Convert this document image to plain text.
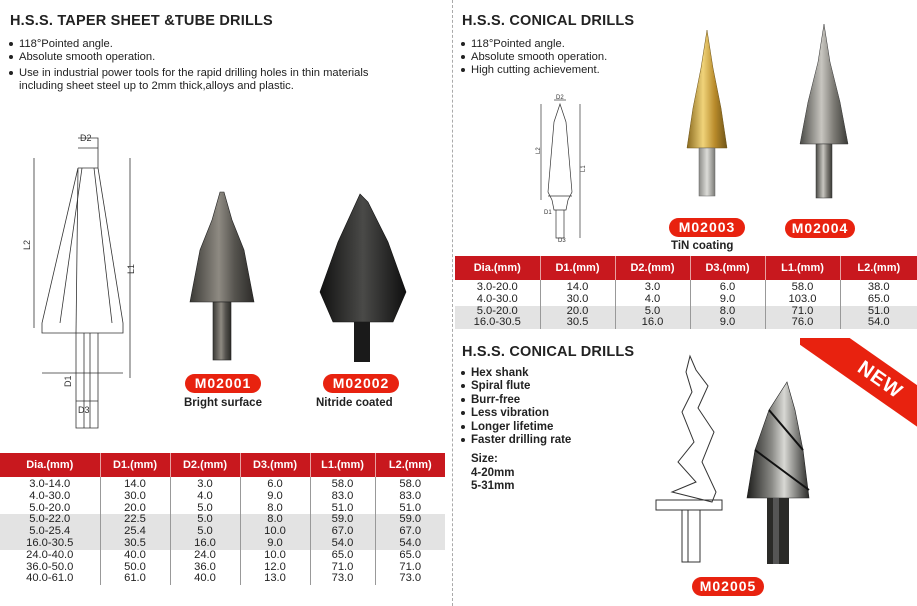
H.S.S. TAPER SHEET &TUBE DRILLS
118°Pointed angle.
Absolute smooth operation.
Use in industrial power tools for the rapid drilling holes in thin materials including sheet steel up to 2mm thick,alloys and plastic.
D2
L2
L1
D1
D3
M02001	M02002
Bright surface	Nitride coated
Dia.(mm)	D1.(mm)	D2.(mm)	D3.(mm)	L1.(mm)	L2.(mm)
3.0-14.0	14.0	3.0	6.0	58.0	58.0
4.0-30.0	30.0	4.0	9.0	83.0	83.0
5.0-20.0	20.0	5.0	8.0	51.0	51.0
5.0-22.0	22.5	5.0	8.0	59.0	59.0
5.0-25.4	25.4	5.0	10.0	67.0	67.0
16.0-30.5	30.5	16.0	9.0	54.0	54.0
24.0-40.0	40.0	24.0	10.0	65.0	65.0
36.0-50.0	50.0	36.0	12.0	71.0	71.0
40.0-61.0	61.0	40.0	13.0	73.0	73.0
H.S.S. CONICAL DRILLS
118°Pointed angle.
Absolute smooth operation.
High cutting achievement.
D2
L2
L1
D1
D3
M02003	M02004
TiN coating
Dia.(mm)	D1.(mm)	D2.(mm)	D3.(mm)	L1.(mm)	L2.(mm)
3.0-20.0	14.0	3.0	6.0	58.0	38.0
4.0-30.0	30.0	4.0	9.0	103.0	65.0
5.0-20.0	20.0	5.0	8.0	71.0	51.0
16.0-30.5	30.5	16.0	9.0	76.0	54.0
H.S.S. CONICAL DRILLS
Hex shank
Spiral flute
Burr-free
Less vibration
Longer lifetime
Faster drilling rate
Size:
4-20mm
5-31mm
NEW
M02005
